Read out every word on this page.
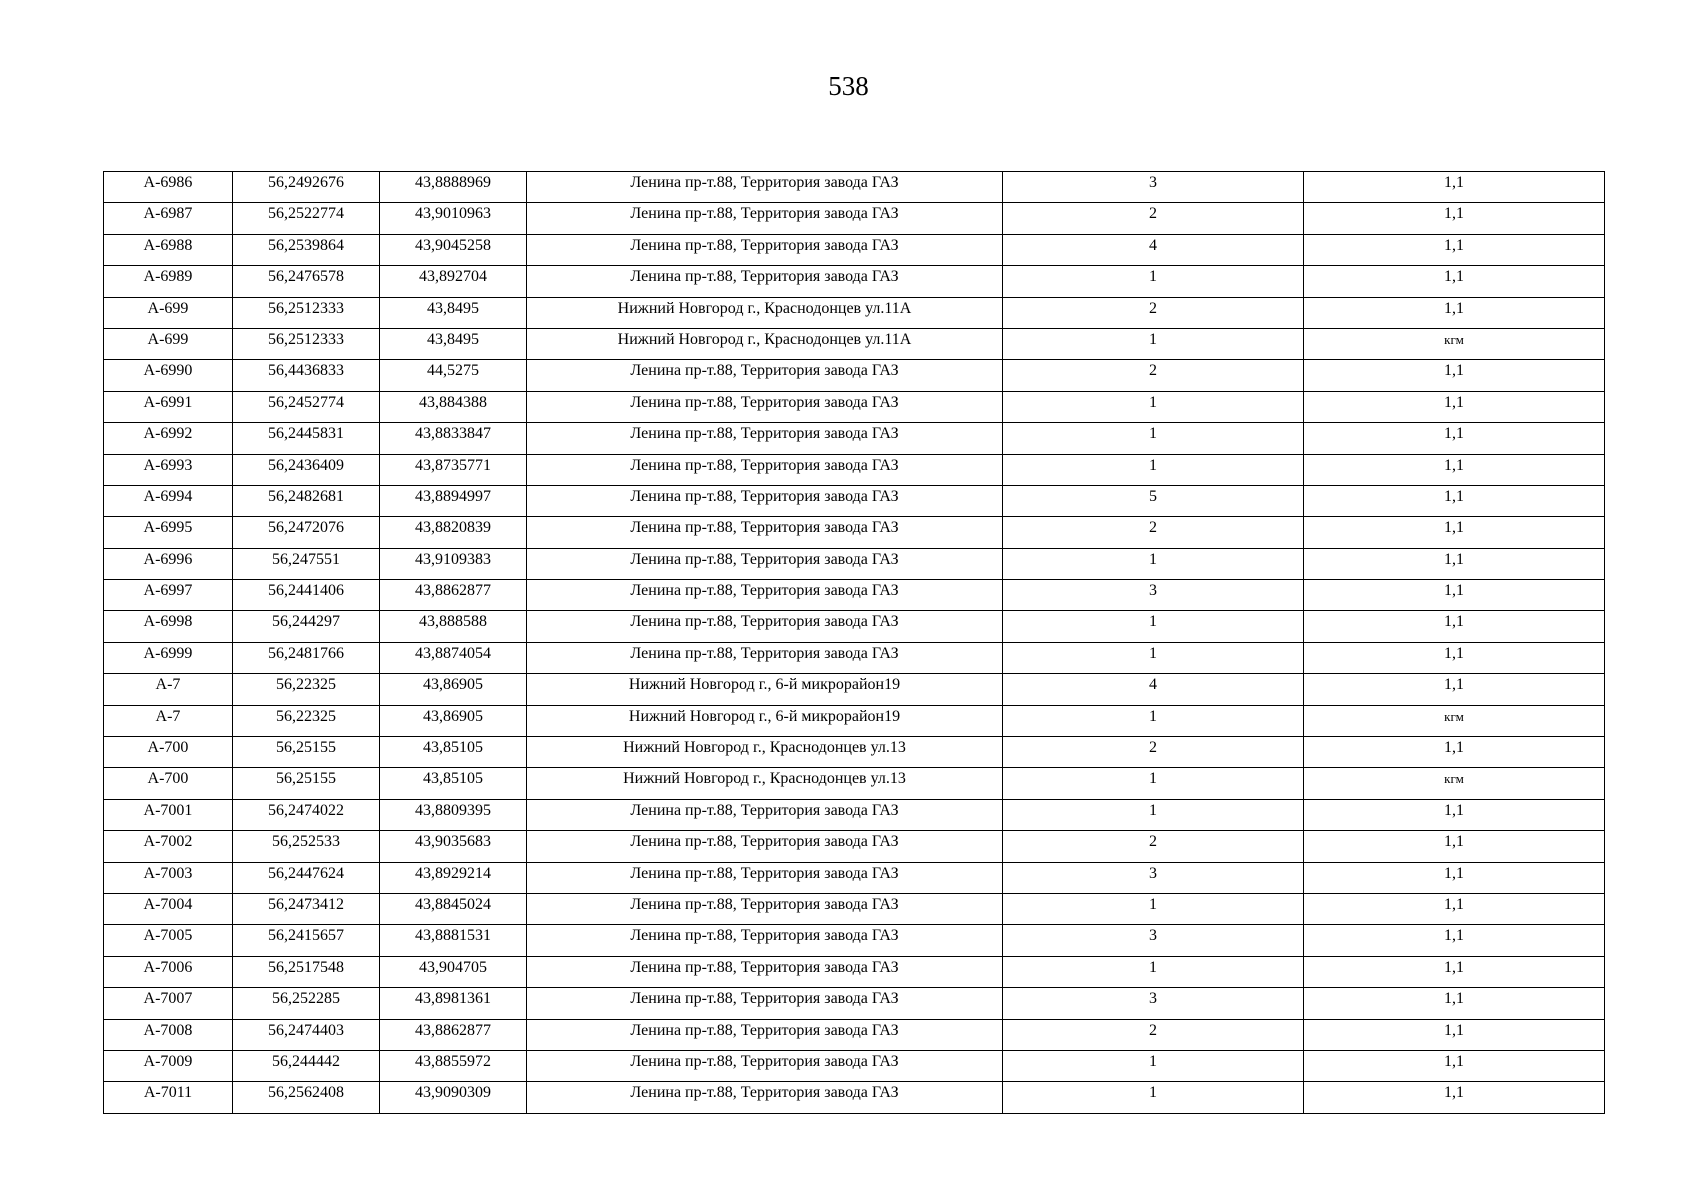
538
А-6986	56,2492676	43,8888969	Ленина пр-т.88, Территория завода ГАЗ	3	1,1
А-6987	56,2522774	43,9010963	Ленина пр-т.88, Территория завода ГАЗ	2	1,1
А-6988	56,2539864	43,9045258	Ленина пр-т.88, Территория завода ГАЗ	4	1,1
А-6989	56,2476578	43,892704	Ленина пр-т.88, Территория завода ГАЗ	1	1,1
А-699	56,2512333	43,8495	Нижний Новгород г., Краснодонцев ул.11А	2	1,1
А-699	56,2512333	43,8495	Нижний Новгород г., Краснодонцев ул.11А	1	кгм
А-6990	56,4436833	44,5275	Ленина пр-т.88, Территория завода ГАЗ	2	1,1
А-6991	56,2452774	43,884388	Ленина пр-т.88, Территория завода ГАЗ	1	1,1
А-6992	56,2445831	43,8833847	Ленина пр-т.88, Территория завода ГАЗ	1	1,1
А-6993	56,2436409	43,8735771	Ленина пр-т.88, Территория завода ГАЗ	1	1,1
А-6994	56,2482681	43,8894997	Ленина пр-т.88, Территория завода ГАЗ	5	1,1
А-6995	56,2472076	43,8820839	Ленина пр-т.88, Территория завода ГАЗ	2	1,1
А-6996	56,247551	43,9109383	Ленина пр-т.88, Территория завода ГАЗ	1	1,1
А-6997	56,2441406	43,8862877	Ленина пр-т.88, Территория завода ГАЗ	3	1,1
А-6998	56,244297	43,888588	Ленина пр-т.88, Территория завода ГАЗ	1	1,1
А-6999	56,2481766	43,8874054	Ленина пр-т.88, Территория завода ГАЗ	1	1,1
А-7	56,22325	43,86905	Нижний Новгород г., 6-й микрорайон19	4	1,1
А-7	56,22325	43,86905	Нижний Новгород г., 6-й микрорайон19	1	кгм
А-700	56,25155	43,85105	Нижний Новгород г., Краснодонцев ул.13	2	1,1
А-700	56,25155	43,85105	Нижний Новгород г., Краснодонцев ул.13	1	кгм
А-7001	56,2474022	43,8809395	Ленина пр-т.88, Территория завода ГАЗ	1	1,1
А-7002	56,252533	43,9035683	Ленина пр-т.88, Территория завода ГАЗ	2	1,1
А-7003	56,2447624	43,8929214	Ленина пр-т.88, Территория завода ГАЗ	3	1,1
А-7004	56,2473412	43,8845024	Ленина пр-т.88, Территория завода ГАЗ	1	1,1
А-7005	56,2415657	43,8881531	Ленина пр-т.88, Территория завода ГАЗ	3	1,1
А-7006	56,2517548	43,904705	Ленина пр-т.88, Территория завода ГАЗ	1	1,1
А-7007	56,252285	43,8981361	Ленина пр-т.88, Территория завода ГАЗ	3	1,1
А-7008	56,2474403	43,8862877	Ленина пр-т.88, Территория завода ГАЗ	2	1,1
А-7009	56,244442	43,8855972	Ленина пр-т.88, Территория завода ГАЗ	1	1,1
А-7011	56,2562408	43,9090309	Ленина пр-т.88, Территория завода ГАЗ	1	1,1
